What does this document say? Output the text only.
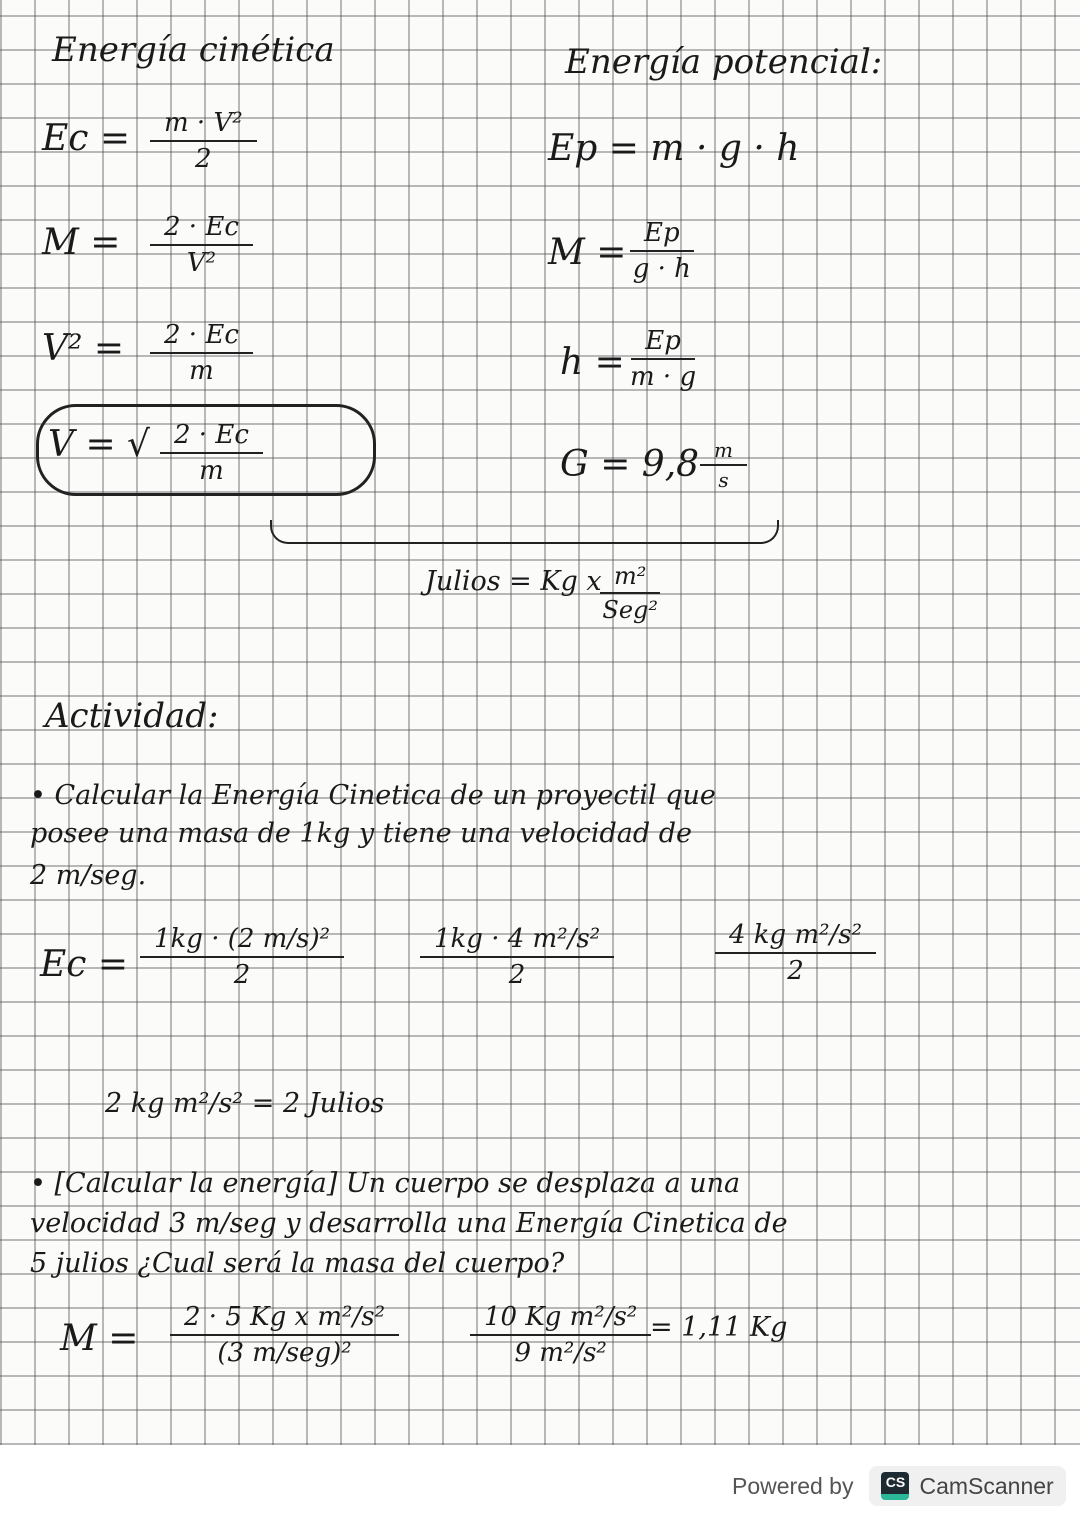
Energía cinética
$Ec = \frac{\text{m · V²}}{2}$
$M = \frac{2 \cdot Ec}{\text{V²}}$
$V^2 = \frac{2 \cdot Ec}{m}$
V = √ $\frac{2 \cdot Ec}{m}$
Energía potencial:
Ep = m · g · h
$M = \frac{Ep}{g \cdot h}$
$h = \frac{Ep}{m \cdot g}$
$G = 9,8 \frac{m}{s}$
Julios = Kg x m²
Seg²
Actividad:
• Calcular la Energía Cinetica de un proyectil que
posee una masa de 1kg y tiene una velocidad de
2 m/seg.
$Ec = \frac{\text{1kg · (2 m/s)²}}{2}$	$\frac{\text{1kg · 4 m²/s²}}{2}$	$\frac{\text{4 kg m²/s²}}{2}$
2 kg m²/s² = 2 Julios
• [Calcular la energía] Un cuerpo se desplaza a una
velocidad 3 m/seg y desarrolla una Energía Cinetica de
5 julios ¿Cual será la masa del cuerpo?
M =
2 · 5 Kg x m²/s²
(3 m/seg)²	$\frac{\text{10 Kg m²/s²}}{\text{9 m²/s²}}$
= 1,11 Kg
Powered by	CS CamScanner
